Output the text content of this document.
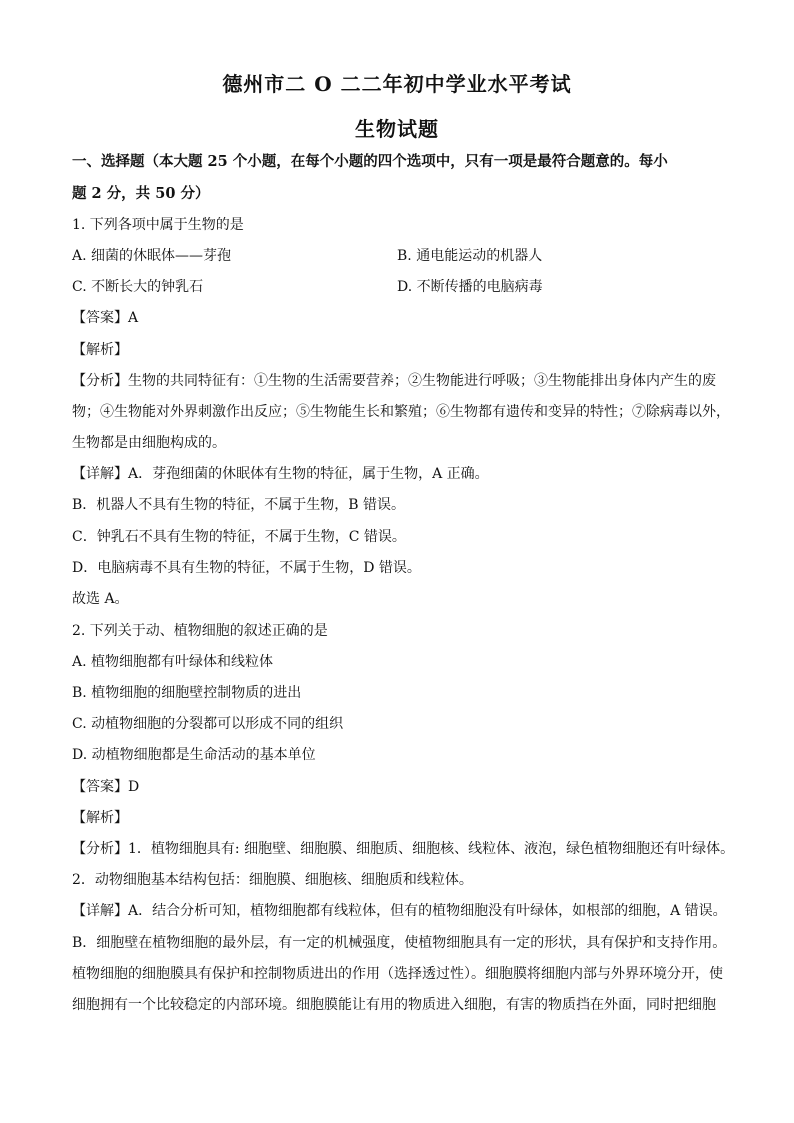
德州市二 O 二二年初中学业水平考试
生物试题
一、选择题（本大题 25 个小题，在每个小题的四个选项中，只有一项是最符合题意的。每小
题 2 分，共 50 分）
1. 下列各项中属于生物的是
A. 细菌的休眠体——芽孢	B. 通电能运动的机器人
C. 不断长大的钟乳石	D. 不断传播的电脑病毒
【答案】A
【解析】
【分析】生物的共同特征有：①生物的生活需要营养；②生物能进行呼吸；③生物能排出身体内产生的废
物；④生物能对外界刺激作出反应；⑤生物能生长和繁殖；⑥生物都有遗传和变异的特性；⑦除病毒以外，
生物都是由细胞构成的。
【详解】A．芽孢细菌的休眠体有生物的特征，属于生物，A 正确。
B．机器人不具有生物的特征，不属于生物，B 错误。
C．钟乳石不具有生物的特征，不属于生物，C 错误。
D．电脑病毒不具有生物的特征，不属于生物，D 错误。
故选 A。
2. 下列关于动、植物细胞的叙述正确的是
A. 植物细胞都有叶绿体和线粒体
B. 植物细胞的细胞壁控制物质的进出
C. 动植物细胞的分裂都可以形成不同的组织
D. 动植物细胞都是生命活动的基本单位
【答案】D
【解析】
【分析】1．植物细胞具有: 细胞壁、细胞膜、细胞质、细胞核、线粒体、液泡，绿色植物细胞还有叶绿体。
2．动物细胞基本结构包括：细胞膜、细胞核、细胞质和线粒体。
【详解】A．结合分析可知，植物细胞都有线粒体，但有的植物细胞没有叶绿体，如根部的细胞，A 错误。
B．细胞壁在植物细胞的最外层，有一定的机械强度，使植物细胞具有一定的形状，具有保护和支持作用。
植物细胞的细胞膜具有保护和控制物质进出的作用（选择透过性）。细胞膜将细胞内部与外界环境分开，使
细胞拥有一个比较稳定的内部环境。细胞膜能让有用的物质进入细胞，有害的物质挡在外面，同时把细胞
